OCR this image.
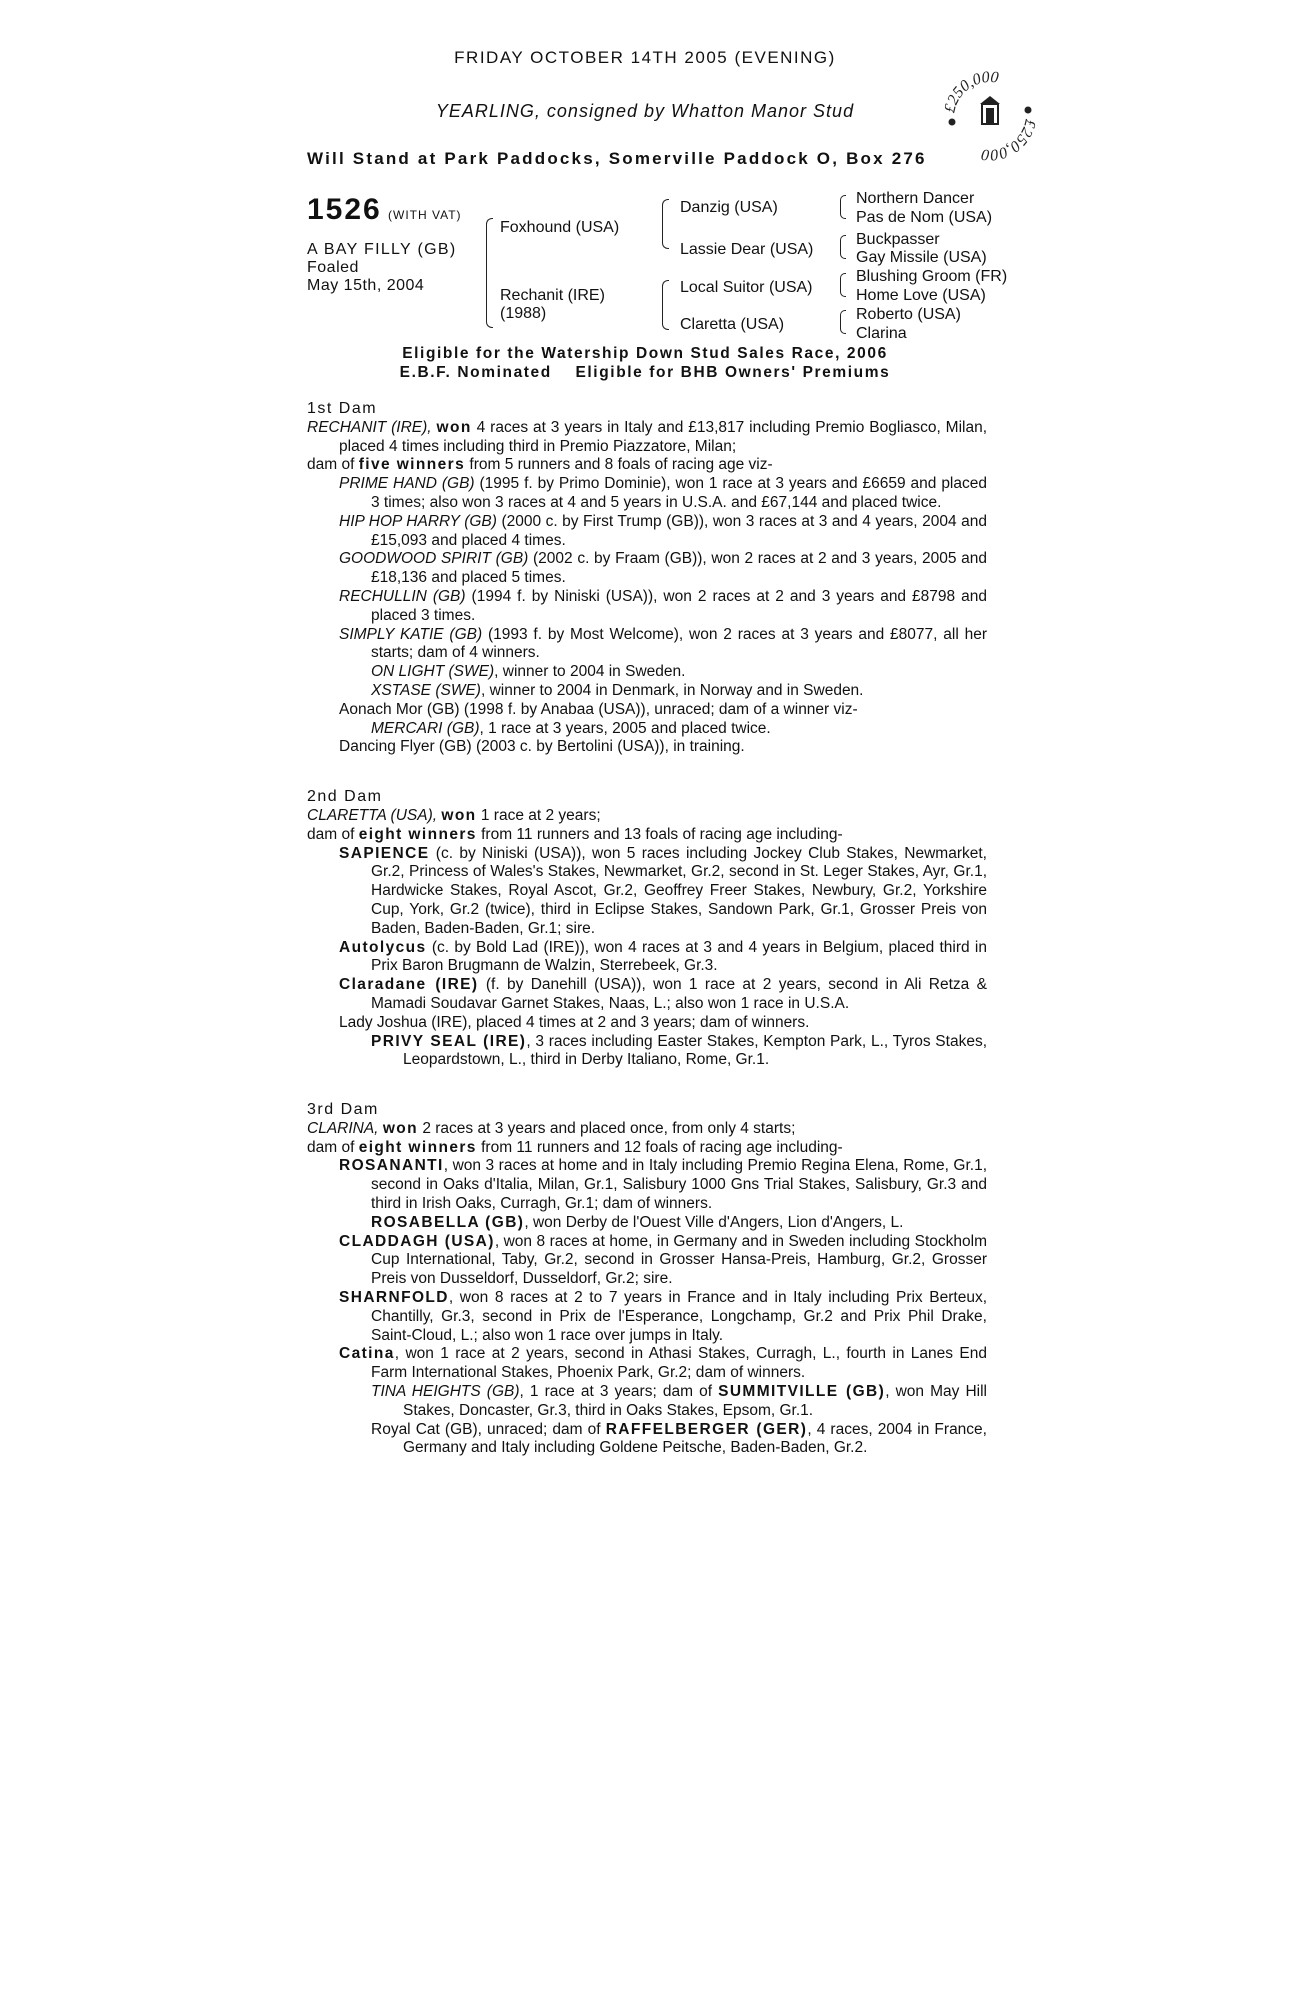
FRIDAY OCTOBER 14TH 2005 (EVENING)
YEARLING, consigned by Whatton Manor Stud
Will Stand at Park Paddocks, Somerville Paddock O, Box 276
£250,000
£250,000
1526 (WITH VAT)
A BAY FILLY (GB)
Foaled
May 15th, 2004
Foxhound (USA)
Rechanit (IRE)
(1988)
Danzig (USA)
Lassie Dear (USA)
Local Suitor (USA)
Claretta (USA)
Northern Dancer
Pas de Nom (USA)
Buckpasser
Gay Missile (USA)
Blushing Groom (FR)
Home Love (USA)
Roberto (USA)
Clarina
Eligible for the Watership Down Stud Sales Race, 2006
E.B.F. Nominated    Eligible for BHB Owners' Premiums
1st Dam

RECHANIT (IRE), won 4 races at 3 years in Italy and £13,817 including Premio Bogliasco, Milan, placed 4 times including third in Premio Piazzatore, Milan;

dam of five winners from 5 runners and 8 foals of racing age viz-

PRIME HAND (GB) (1995 f. by Primo Dominie), won 1 race at 3 years and £6659 and placed 3 times; also won 3 races at 4 and 5 years in U.S.A. and £67,144 and placed twice.

HIP HOP HARRY (GB) (2000 c. by First Trump (GB)), won 3 races at 3 and 4 years, 2004 and £15,093 and placed 4 times.

GOODWOOD SPIRIT (GB) (2002 c. by Fraam (GB)), won 2 races at 2 and 3 years, 2005 and £18,136 and placed 5 times.

RECHULLIN (GB) (1994 f. by Niniski (USA)), won 2 races at 2 and 3 years and £8798 and placed 3 times.

SIMPLY KATIE (GB) (1993 f. by Most Welcome), won 2 races at 3 years and £8077, all her starts; dam of 4 winners.

ON LIGHT (SWE), winner to 2004 in Sweden.

XSTASE (SWE), winner to 2004 in Denmark, in Norway and in Sweden.

Aonach Mor (GB) (1998 f. by Anabaa (USA)), unraced; dam of a winner viz-

MERCARI (GB), 1 race at 3 years, 2005 and placed twice.

Dancing Flyer (GB) (2003 c. by Bertolini (USA)), in training.

2nd Dam

CLARETTA (USA), won 1 race at 2 years;

dam of eight winners from 11 runners and 13 foals of racing age including-

SAPIENCE (c. by Niniski (USA)), won 5 races including Jockey Club Stakes, Newmarket, Gr.2, Princess of Wales's Stakes, Newmarket, Gr.2, second in St. Leger Stakes, Ayr, Gr.1, Hardwicke Stakes, Royal Ascot, Gr.2, Geoffrey Freer Stakes, Newbury, Gr.2, Yorkshire Cup, York, Gr.2 (twice), third in Eclipse Stakes, Sandown Park, Gr.1, Grosser Preis von Baden, Baden-Baden, Gr.1; sire.

Autolycus (c. by Bold Lad (IRE)), won 4 races at 3 and 4 years in Belgium, placed third in Prix Baron Brugmann de Walzin, Sterrebeek, Gr.3.

Claradane (IRE) (f. by Danehill (USA)), won 1 race at 2 years, second in Ali Retza & Mamadi Soudavar Garnet Stakes, Naas, L.; also won 1 race in U.S.A.

Lady Joshua (IRE), placed 4 times at 2 and 3 years; dam of winners.

PRIVY SEAL (IRE), 3 races including Easter Stakes, Kempton Park, L., Tyros Stakes, Leopardstown, L., third in Derby Italiano, Rome, Gr.1.

3rd Dam

CLARINA, won 2 races at 3 years and placed once, from only 4 starts;

dam of eight winners from 11 runners and 12 foals of racing age including-

ROSANANTI, won 3 races at home and in Italy including Premio Regina Elena, Rome, Gr.1, second in Oaks d'Italia, Milan, Gr.1, Salisbury 1000 Gns Trial Stakes, Salisbury, Gr.3 and third in Irish Oaks, Curragh, Gr.1; dam of winners.

ROSABELLA (GB), won Derby de l'Ouest Ville d'Angers, Lion d'Angers, L.

CLADDAGH (USA), won 8 races at home, in Germany and in Sweden including Stockholm Cup International, Taby, Gr.2, second in Grosser Hansa-Preis, Hamburg, Gr.2, Grosser Preis von Dusseldorf, Dusseldorf, Gr.2; sire.

SHARNFOLD, won 8 races at 2 to 7 years in France and in Italy including Prix Berteux, Chantilly, Gr.3, second in Prix de l'Esperance, Longchamp, Gr.2 and Prix Phil Drake, Saint-Cloud, L.; also won 1 race over jumps in Italy.

Catina, won 1 race at 2 years, second in Athasi Stakes, Curragh, L., fourth in Lanes End Farm International Stakes, Phoenix Park, Gr.2; dam of winners.

TINA HEIGHTS (GB), 1 race at 3 years; dam of SUMMITVILLE (GB), won May Hill Stakes, Doncaster, Gr.3, third in Oaks Stakes, Epsom, Gr.1.

Royal Cat (GB), unraced; dam of RAFFELBERGER (GER), 4 races, 2004 in France, Germany and Italy including Goldene Peitsche, Baden-Baden, Gr.2.
